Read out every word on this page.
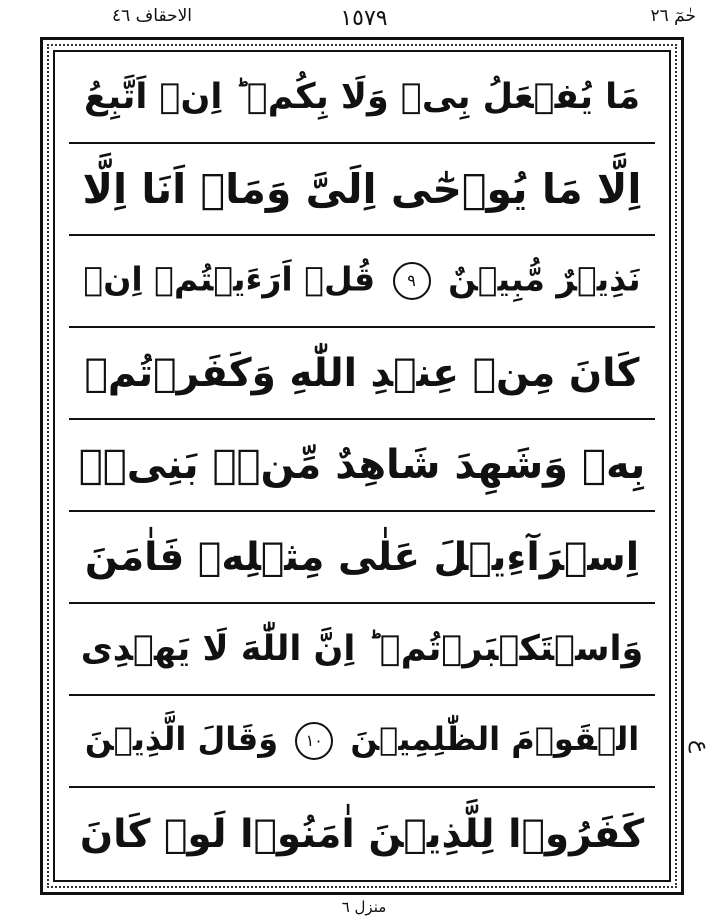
الاحقاف ٤٦	١٥٧٩	حٰمٓ ٢٦
مَا يُفۡعَلُ بِىۡ وَلَا بِكُمۡ ؕ اِنۡ اَتَّبِعُ
اِلَّا مَا يُوۡحٰٓى اِلَىَّ وَمَاۤ اَنَا اِلَّا
نَذِيۡرٌ مُّبِيۡنٌ ٩ قُلۡ اَرَءَيۡتُمۡ اِنۡ
كَانَ مِنۡ عِنۡدِ اللّٰهِ وَكَفَرۡتُمۡ
بِهٖ وَشَهِدَ شَاهِدٌ مِّنۡۢ بَنِىۡۤ
اِسۡرَآءِيۡلَ عَلٰى مِثۡلِهٖ فَاٰمَنَ
وَاسۡتَكۡبَرۡتُمۡ ؕ اِنَّ اللّٰهَ لَا يَهۡدِى
الۡقَوۡمَ الظّٰلِمِيۡنَ ١٠ وَقَالَ الَّذِيۡنَ
كَفَرُوۡا لِلَّذِيۡنَ اٰمَنُوۡا لَوۡ كَانَ
ع
منزل ٦
